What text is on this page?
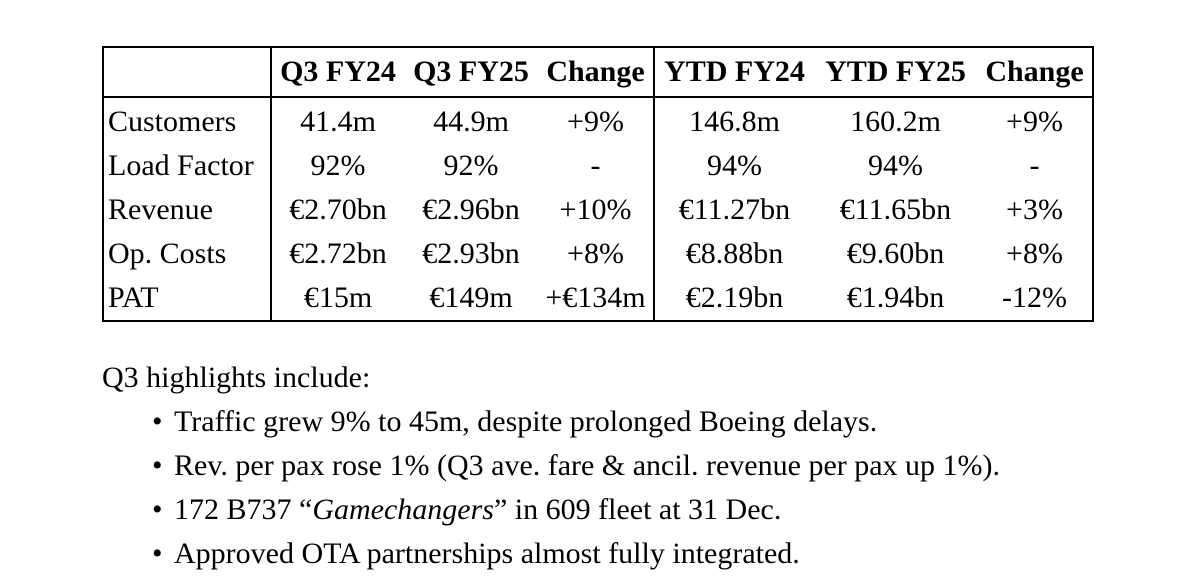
	Q3 FY24	Q3 FY25	Change	YTD FY24	YTD FY25	Change
Customers	41.4m	44.9m	+9%	146.8m	160.2m	+9%
Load Factor	92%	92%	-	94%	94%	-
Revenue	€2.70bn	€2.96bn	+10%	€11.27bn	€11.65bn	+3%
Op. Costs	€2.72bn	€2.93bn	+8%	€8.88bn	€9.60bn	+8%
PAT	€15m	€149m	+€134m	€2.19bn	€1.94bn	-12%

Q3 highlights include:

• Traffic grew 9% to 45m, despite prolonged Boeing delays.
• Rev. per pax rose 1% (Q3 ave. fare & ancil. revenue per pax up 1%).
• 172 B737 “Gamechangers” in 609 fleet at 31 Dec.
• Approved OTA partnerships almost fully integrated.
